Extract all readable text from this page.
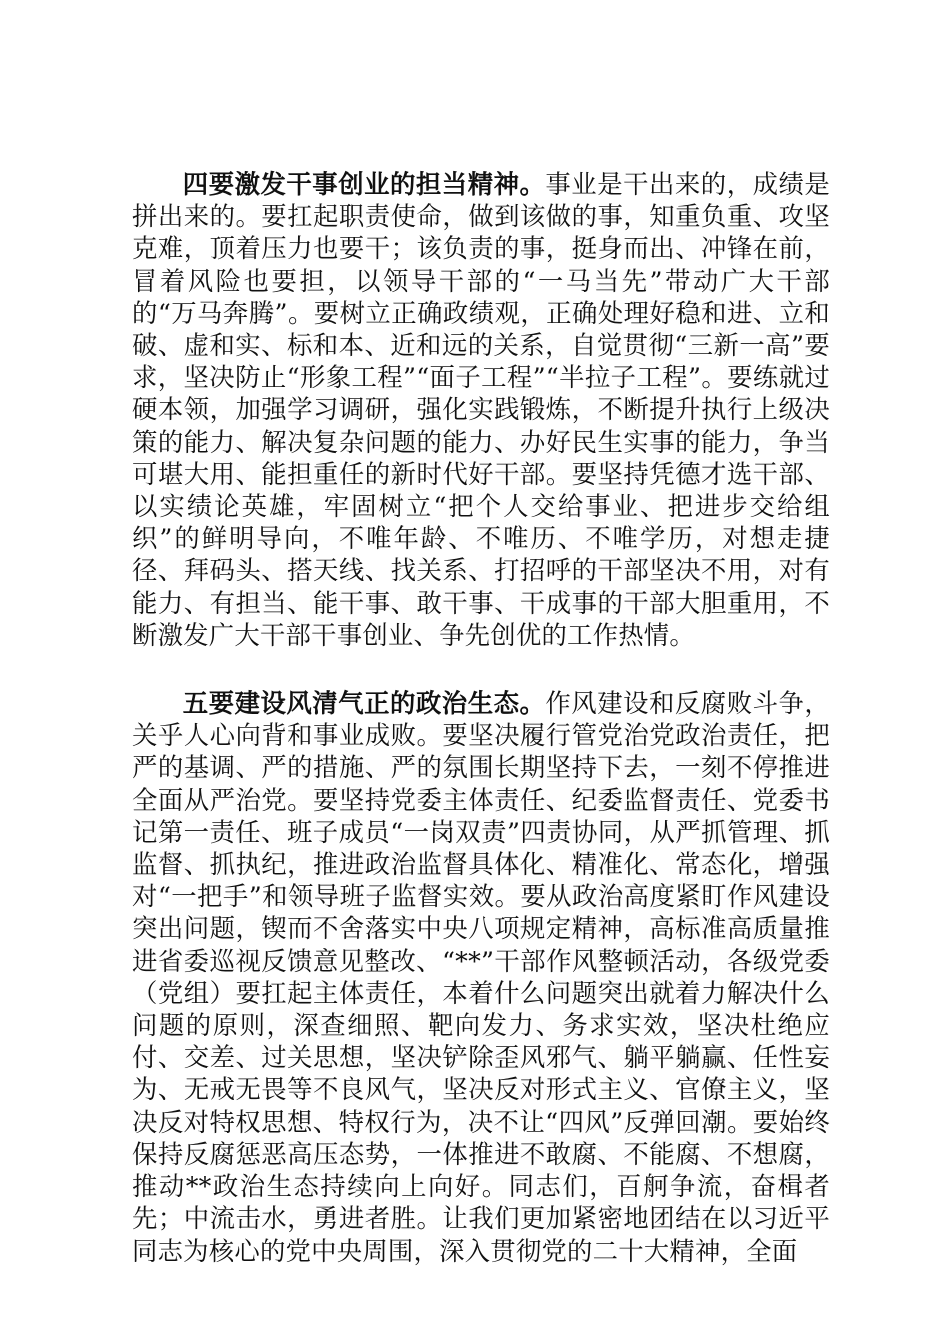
四要激发干事创业的担当精神。事业是干出来的，成绩是拼出来的。要扛起职责使命，做到该做的事，知重负重、攻坚克难，顶着压力也要干；该负责的事，挺身而出、冲锋在前，冒着风险也要担，以领导干部的“一马当先”带动广大干部的“万马奔腾”。要树立正确政绩观，正确处理好稳和进、立和破、虚和实、标和本、近和远的关系，自觉贯彻“三新一高”要求，坚决防止“形象工程”“面子工程”“半拉子工程”。要练就过硬本领，加强学习调研，强化实践锻炼，不断提升执行上级决策的能力、解决复杂问题的能力、办好民生实事的能力，争当可堪大用、能担重任的新时代好干部。要坚持凭德才选干部、以实绩论英雄，牢固树立“把个人交给事业、把进步交给组织”的鲜明导向，不唯年龄、不唯历、不唯学历，对想走捷径、拜码头、搭天线、找关系、打招呼的干部坚决不用，对有能力、有担当、能干事、敢干事、干成事的干部大胆重用，不断激发广大干部干事创业、争先创优的工作热情。

五要建设风清气正的政治生态。作风建设和反腐败斗争，关乎人心向背和事业成败。要坚决履行管党治党政治责任，把严的基调、严的措施、严的氛围长期坚持下去，一刻不停推进全面从严治党。要坚持党委主体责任、纪委监督责任、党委书记第一责任、班子成员“一岗双责”四责协同，从严抓管理、抓监督、抓执纪，推进政治监督具体化、精准化、常态化，增强对“一把手”和领导班子监督实效。要从政治高度紧盯作风建设突出问题，锲而不舍落实中央八项规定精神，高标准高质量推进省委巡视反馈意见整改、“**”干部作风整顿活动，各级党委（党组）要扛起主体责任，本着什么问题突出就着力解决什么问题的原则，深查细照、靶向发力、务求实效，坚决杜绝应付、交差、过关思想，坚决铲除歪风邪气、躺平躺赢、任性妄为、无戒无畏等不良风气，坚决反对形式主义、官僚主义，坚决反对特权思想、特权行为，决不让“四风”反弹回潮。要始终保持反腐惩恶高压态势，一体推进不敢腐、不能腐、不想腐，推动**政治生态持续向上向好。同志们，百舸争流，奋楫者先；中流击水，勇进者胜。让我们更加紧密地团结在以习近平同志为核心的党中央周围，深入贯彻党的二十大精神，全面
